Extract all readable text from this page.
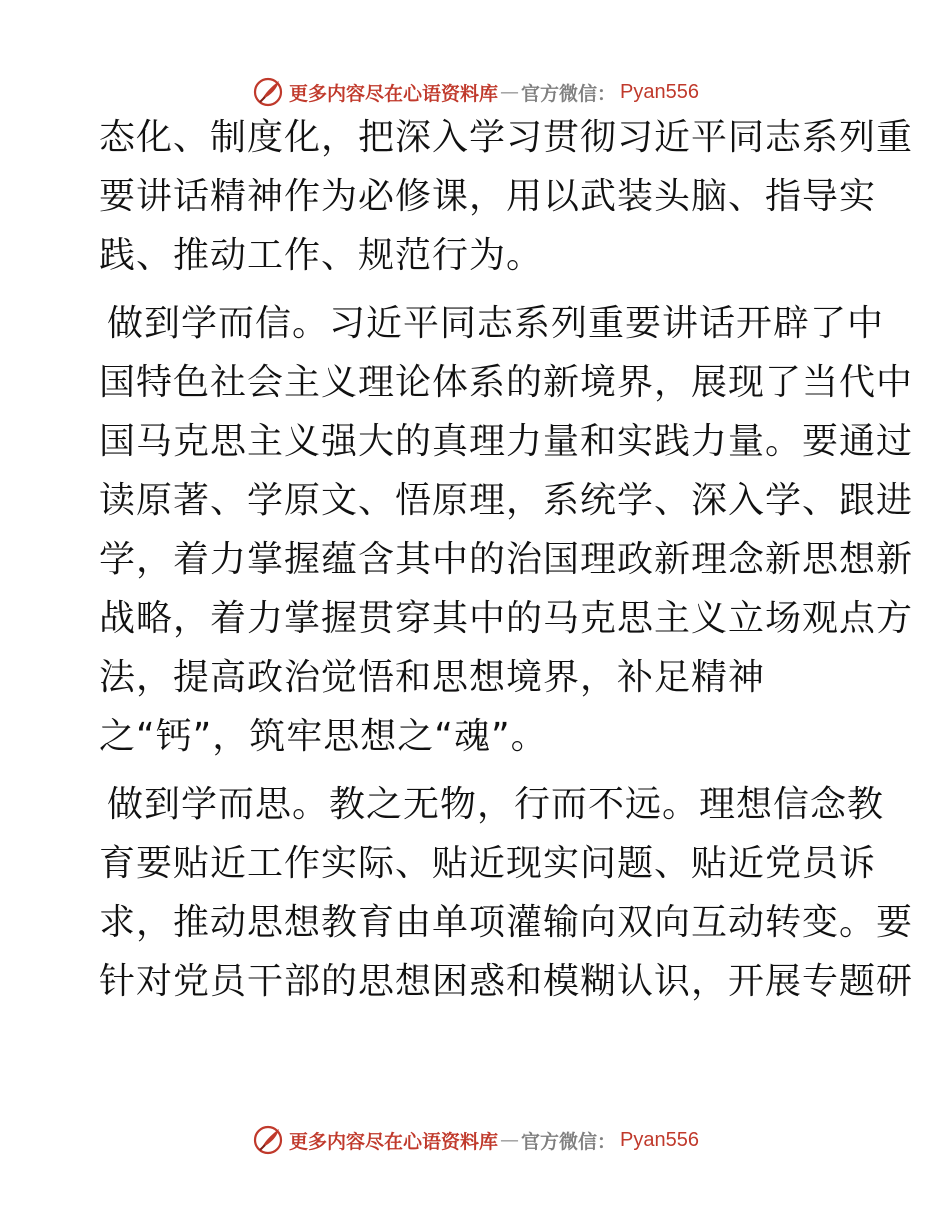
更多内容尽在心语资料库 — 官方微信： Pyan556
态化、制度化，把深入学习贯彻习近平同志系列重
要讲话精神作为必修课，用以武装头脑、指导实
践、推动工作、规范行为。
做到学而信。习近平同志系列重要讲话开辟了中
国特色社会主义理论体系的新境界，展现了当代中
国马克思主义强大的真理力量和实践力量。要通过
读原著、学原文、悟原理，系统学、深入学、跟进
学，着力掌握蕴含其中的治国理政新理念新思想新
战略，着力掌握贯穿其中的马克思主义立场观点方
法，提高政治觉悟和思想境界，补足精神
之“钙”，筑牢思想之“魂”。
做到学而思。教之无物，行而不远。理想信念教
育要贴近工作实际、贴近现实问题、贴近党员诉
求，推动思想教育由单项灌输向双向互动转变。要
针对党员干部的思想困惑和模糊认识，开展专题研
更多内容尽在心语资料库 — 官方微信： Pyan556
